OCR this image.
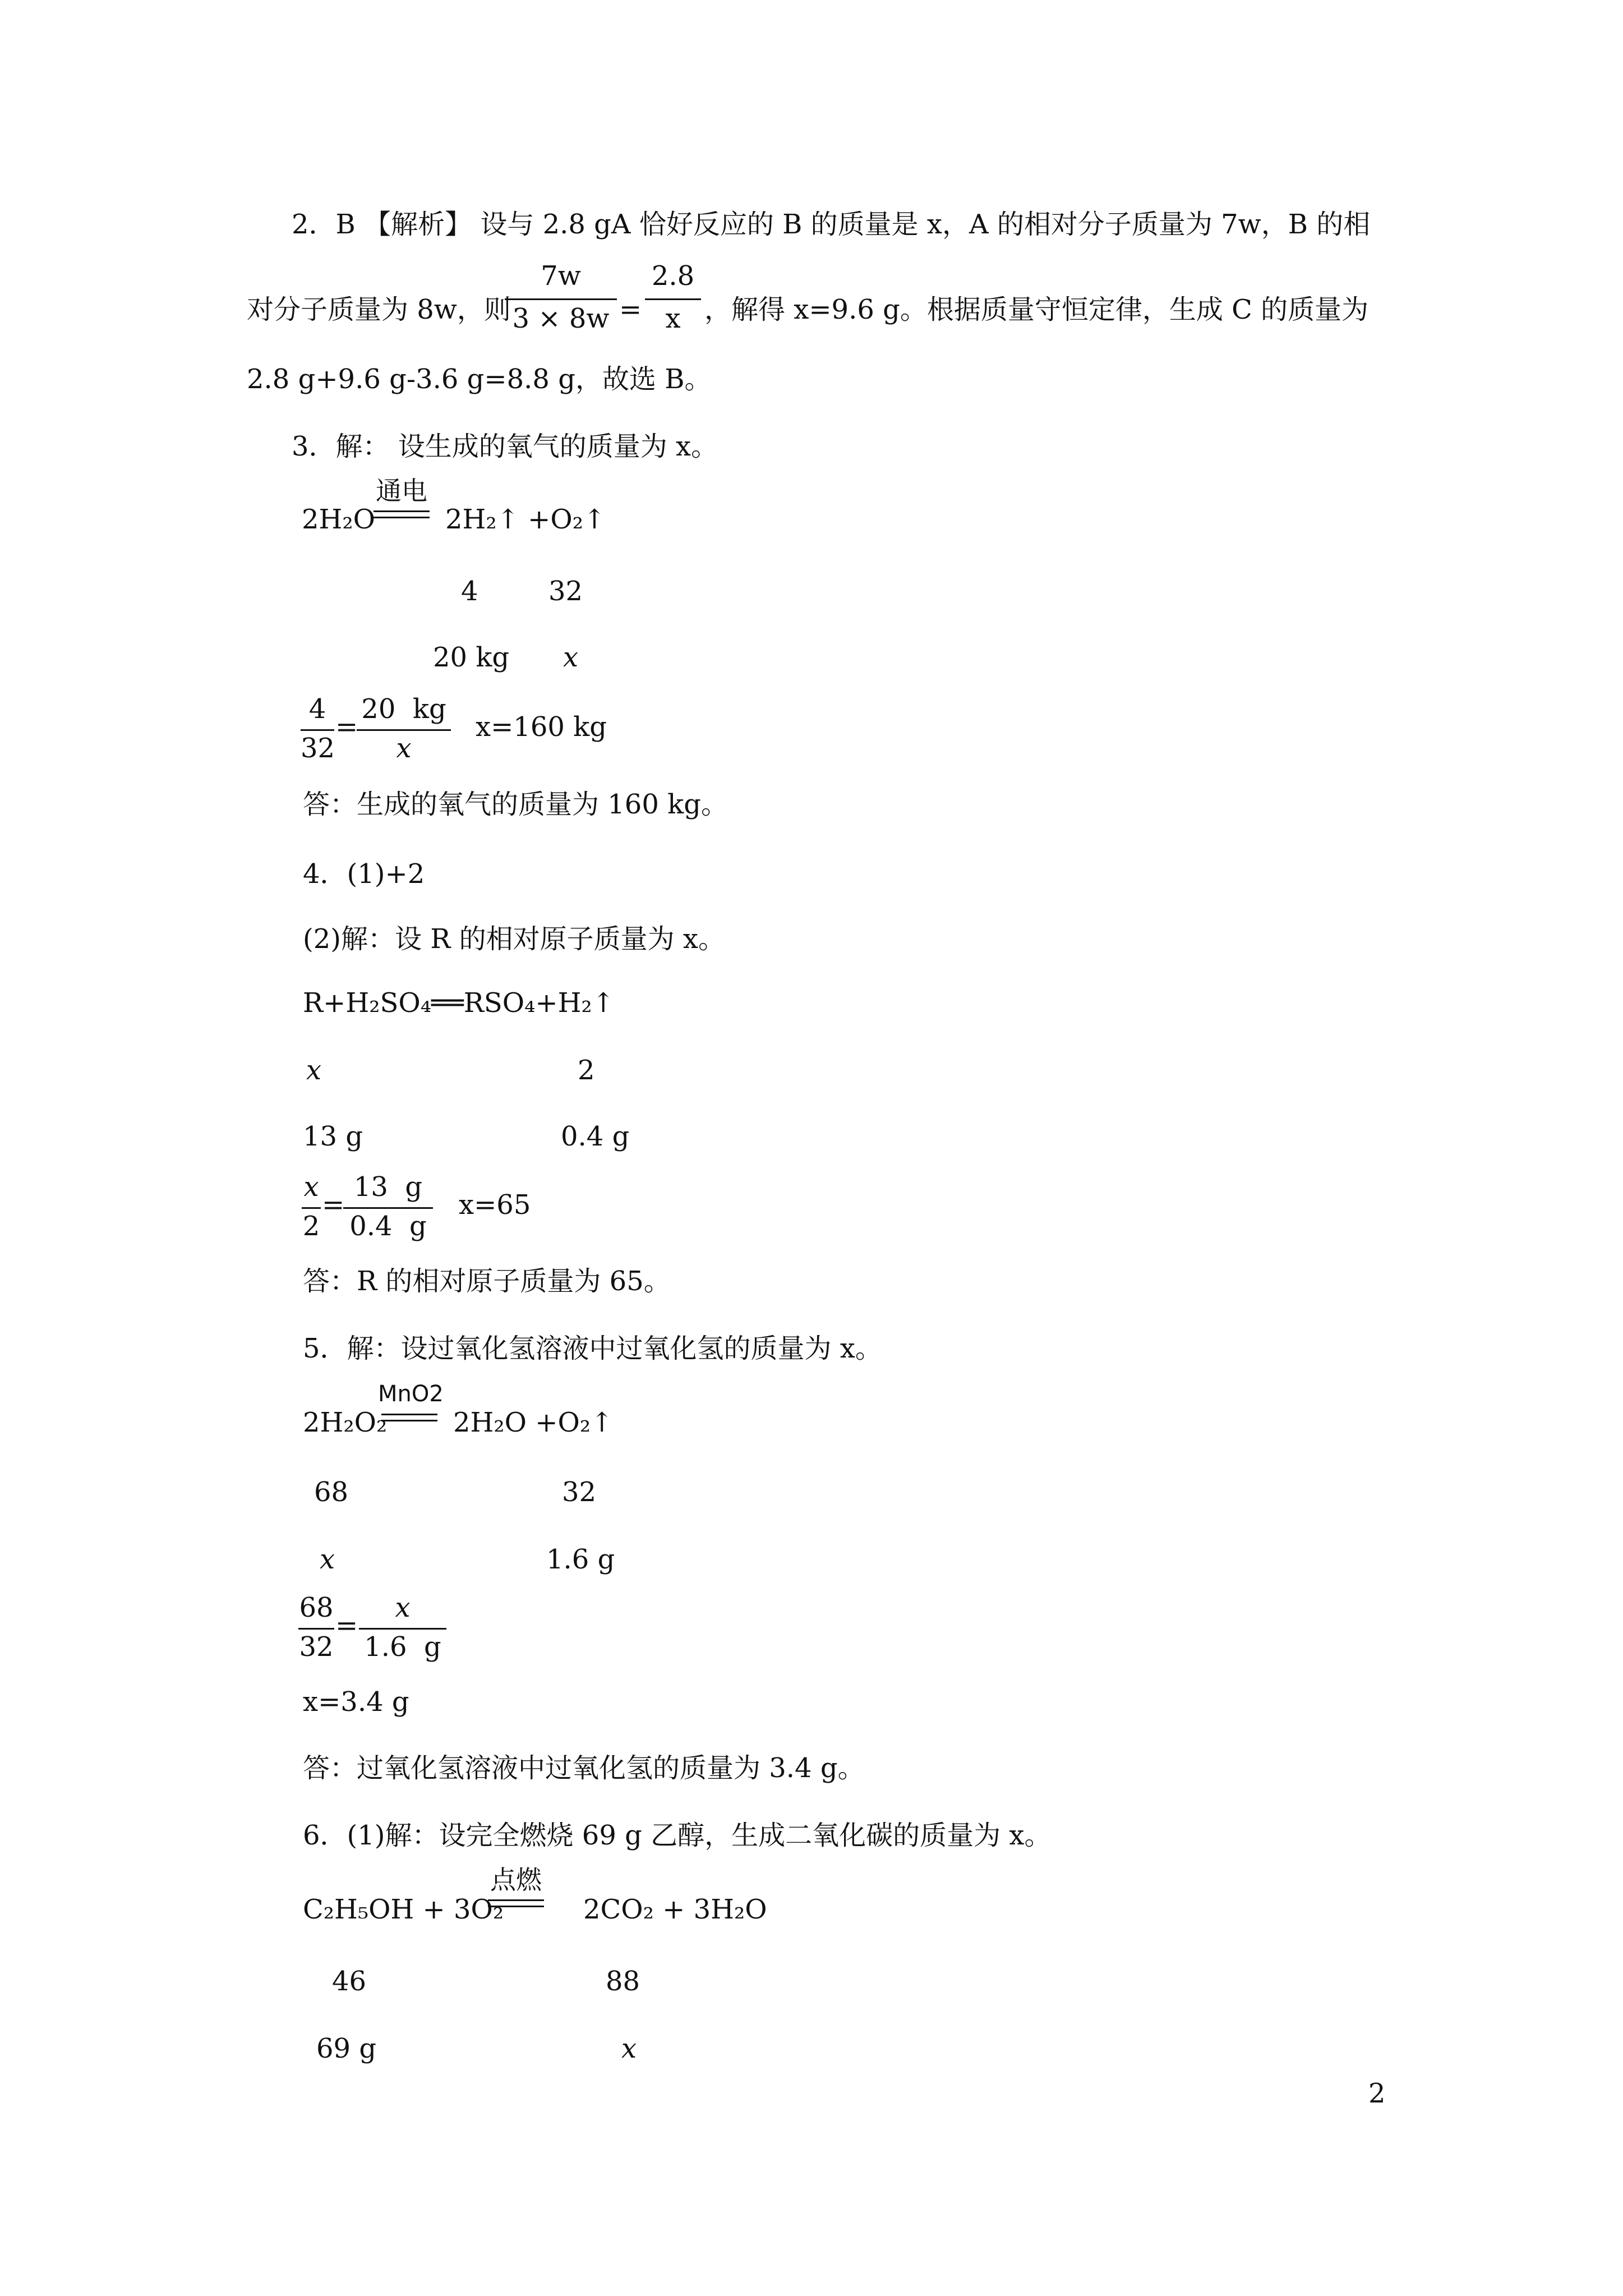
2．B 【解析】 设与 2.8 gA 恰好反应的 B 的质量是 x，A 的相对分子质量为 7w，B 的相
对分子质量为 8w，则
7w
3 × 8w =
2.8
x ，解得 x=9.6 g。根据质量守恒定律，生成 C 的质量为
2.8 g+9.6 g-3.6 g=8.8 g，故选 B。
3．解： 设生成的氧气的质量为 x。
2H₂O
通电
2H₂↑ +O₂↑
4	32
20 kg x
4
32
=
20  kg
x
x=160 kg
答：生成的氧气的质量为 160 kg。
4．(1)+2
(2)解：设 R 的相对原子质量为 x。
R+H₂SO₄══RSO₄+H₂↑
x	2
13 g	0.4 g
x
2
=
13  g
0.4  g
x=65
答：R 的相对原子质量为 65。
5．解：设过氧化氢溶液中过氧化氢的质量为 x。
2H₂O₂
MnO2
2H₂O +O₂↑
68	32
x	1.6 g
68
32
=
x
1.6  g
x=3.4 g
答：过氧化氢溶液中过氧化氢的质量为 3.4 g。
6．(1)解：设完全燃烧 69 g 乙醇，生成二氧化碳的质量为 x。
C₂H₅OH + 3O₂
点燃
2CO₂ + 3H₂O
46	88
69 g	x
2
